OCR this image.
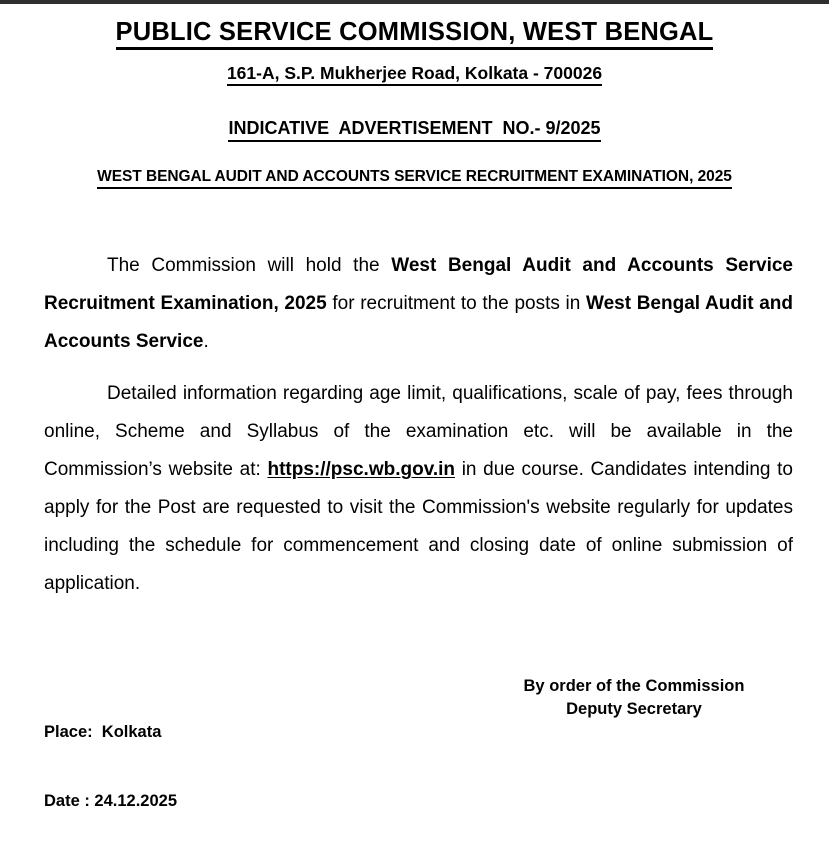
PUBLIC SERVICE COMMISSION, WEST BENGAL

161-A, S.P. Mukherjee Road, Kolkata - 700026

INDICATIVE  ADVERTISEMENT  NO.- 9/2025

WEST BENGAL AUDIT AND ACCOUNTS SERVICE RECRUITMENT EXAMINATION, 2025

The Commission will hold the West Bengal Audit and Accounts Service Recruitment Examination, 2025 for recruitment to the posts in West Bengal Audit and Accounts Service.

Detailed information regarding age limit, qualifications, scale of pay, fees through online, Scheme and Syllabus of the examination etc. will be available in the Commission’s website at: https://psc.wb.gov.in in due course. Candidates intending to apply for the Post are requested to visit the Commission's website regularly for updates including the schedule for commencement and closing date of online submission of application.

Place:  Kolkata

Date : 24.12.2025

By order of the Commission
Deputy Secretary
